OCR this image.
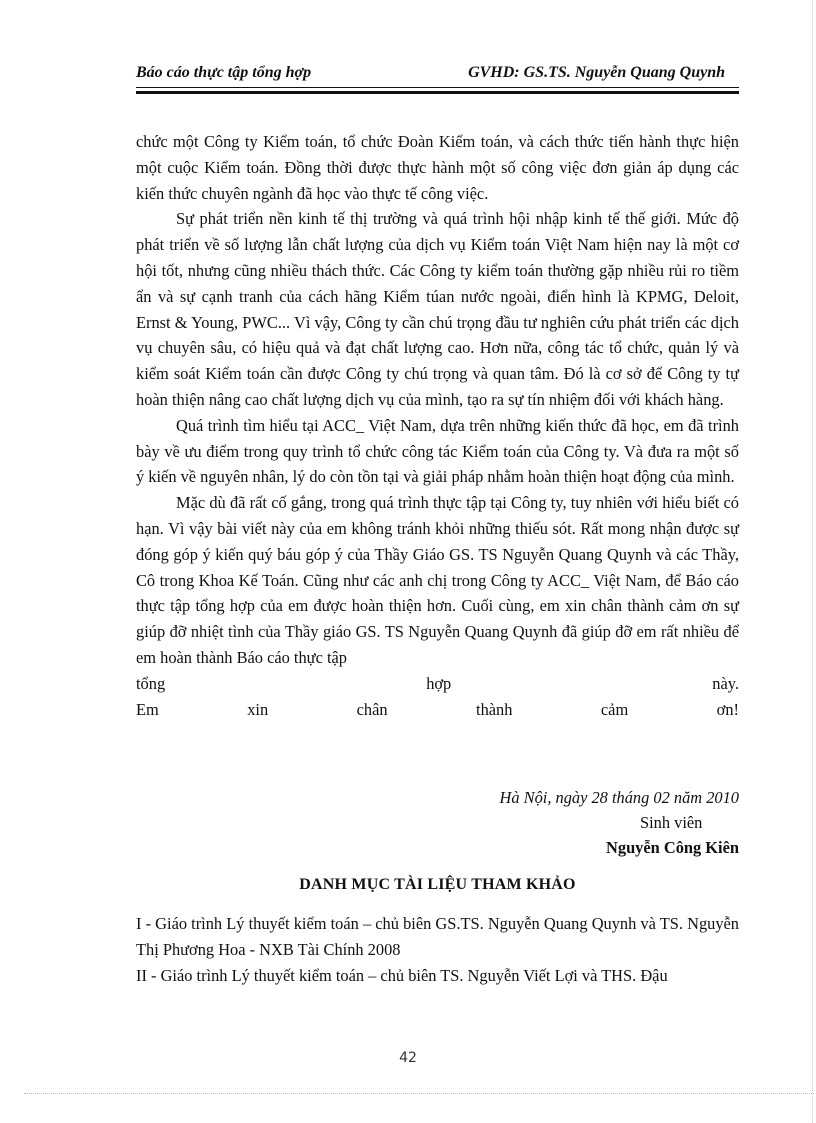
Báo cáo thực tập tổng hợp	GVHD: GS.TS. Nguyễn Quang Quynh

chức một Công ty Kiểm toán, tổ chức Đoàn Kiểm toán, và cách thức tiến hành thực hiện một cuộc Kiểm toán. Đồng thời được thực hành một số công việc đơn giản áp dụng các kiến thức chuyên ngành đã học vào thực tế công việc.

Sự phát triển nền kinh tế thị trường và quá trình hội nhập kinh tế thế giới. Mức độ phát triển về số lượng lẫn chất lượng của dịch vụ Kiểm toán Việt Nam hiện nay là một cơ hội tốt, nhưng cũng nhiều thách thức. Các Công ty kiểm toán thường gặp nhiều rủi ro tiềm ẩn và sự cạnh tranh của cách hãng Kiểm túan nước ngoài, điển hình là KPMG, Deloit, Ernst & Young, PWC... Vì vậy, Công ty cần chú trọng đầu tư nghiên cứu phát triển các dịch vụ chuyên sâu, có hiệu quả và đạt chất lượng cao. Hơn nữa, công tác tổ chức, quản lý và kiểm soát Kiểm toán cần được Công ty chú trọng và quan tâm. Đó là cơ sở để Công ty tự hoàn thiện nâng cao chất lượng dịch vụ của mình, tạo ra sự tín nhiệm đối với khách hàng.

Quá trình tìm hiểu tại ACC_ Việt Nam, dựa trên những kiến thức đã học, em đã trình bày về ưu điểm trong quy trình tổ chức công tác Kiểm toán của Công ty. Và đưa ra một số ý kiến về nguyên nhân, lý do còn tồn tại và giải pháp nhằm hoàn thiện hoạt động của mình.

Mặc dù đã rất cố gắng, trong quá trình thực tập tại Công ty, tuy nhiên với hiểu biết có hạn. Vì vậy bài viết này của em không tránh khỏi những thiếu sót. Rất mong nhận được sự đóng góp ý kiến quý báu góp ý của Thầy Giáo GS. TS Nguyễn Quang Quynh và các Thầy, Cô trong Khoa Kế Toán. Cũng như các anh chị trong Công ty ACC_ Việt Nam, để Báo cáo thực tập tổng hợp của em được hoàn thiện hơn. Cuối cùng, em xin chân thành cảm ơn sự giúp đỡ nhiệt tình của Thầy giáo GS. TS Nguyễn Quang Quynh đã giúp đỡ em rất nhiều để em hoàn thành Báo cáo thực tập

tổng	hợp	này.
Em	xin	chân	thành	cảm	ơn!
Hà Nội, ngày 28 tháng 02 năm 2010
Sinh viên
Nguyễn Công Kiên
DANH MỤC TÀI LIỆU THAM KHẢO

I - Giáo trình Lý thuyết kiểm toán – chủ biên GS.TS. Nguyễn Quang Quynh và TS. Nguyễn Thị Phương Hoa - NXB Tài Chính 2008

II - Giáo trình Lý thuyết kiểm toán – chủ biên TS. Nguyễn Viết Lợi và THS. Đậu

42
